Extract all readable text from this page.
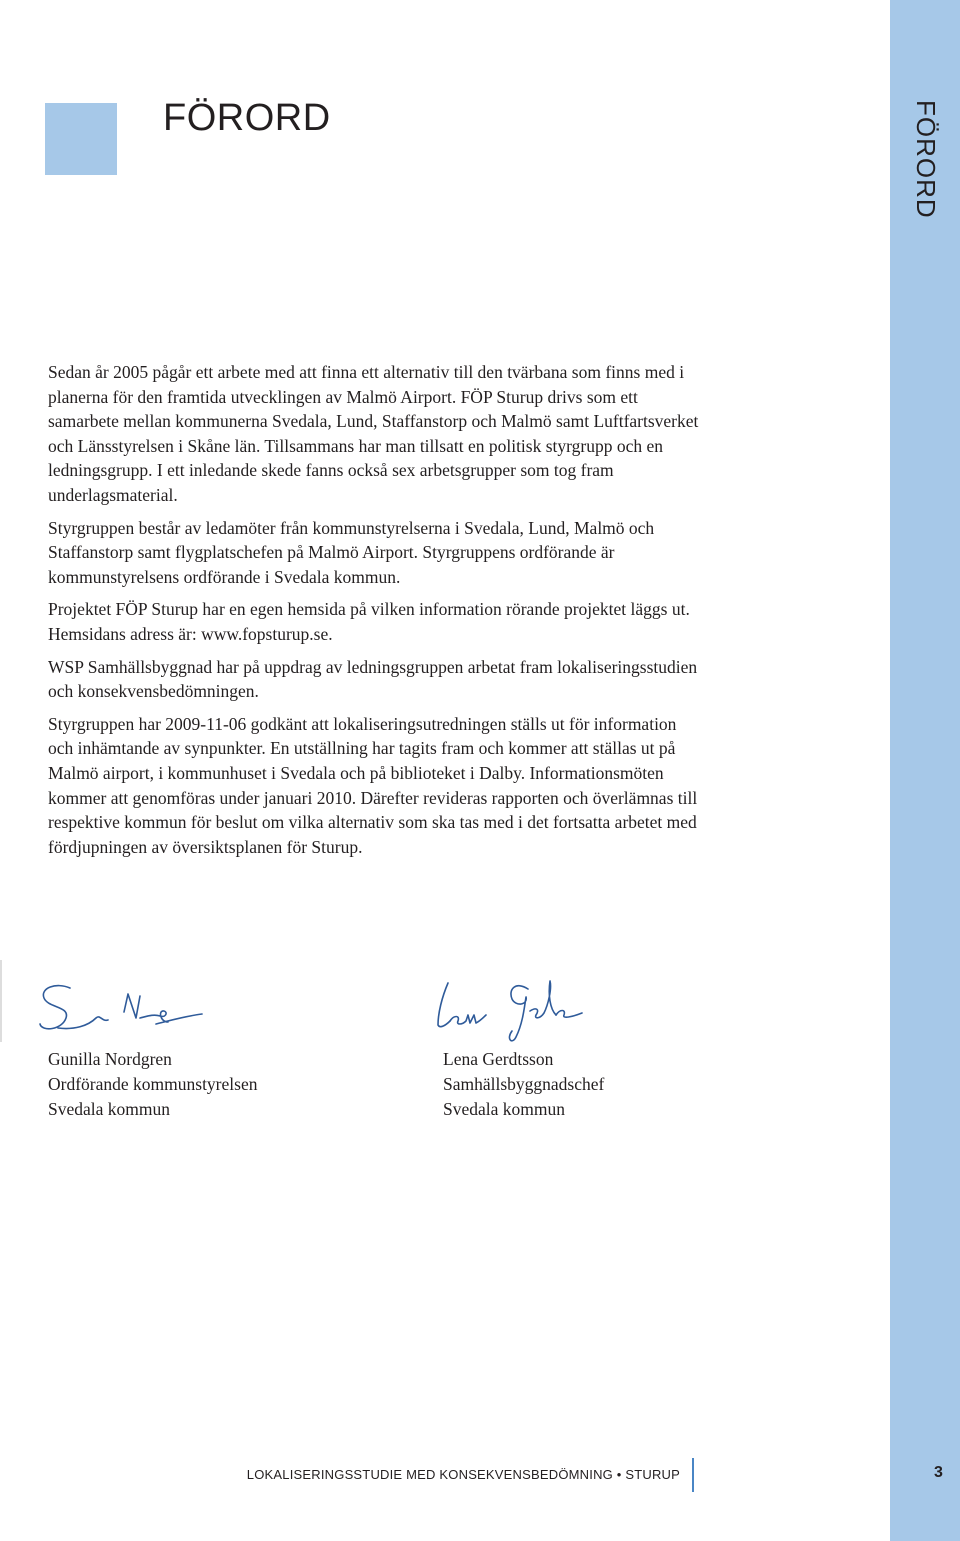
FÖRORD
FÖRORD

Sedan år 2005 pågår ett arbete med att finna ett alternativ till den tvärbana som finns med i planerna för den framtida utvecklingen av Malmö Airport. FÖP Sturup drivs som ett samarbete mellan kommunerna Svedala, Lund, Staffanstorp och Malmö samt Luftfartsverket och Länsstyrelsen i Skåne län. Tillsammans har man tillsatt en politisk styrgrupp och en ledningsgrupp. I ett inledande skede fanns också sex arbetsgrupper som tog fram underlagsmaterial.

Styrgruppen består av ledamöter från kommunstyrelserna i Svedala, Lund, Malmö och Staffanstorp samt flygplatschefen på Malmö Airport. Styrgruppens ordförande är kommunstyrelsens ordförande i Svedala kommun.

Projektet FÖP Sturup har en egen hemsida på vilken information rörande projektet läggs ut. Hemsidans adress är: www.fopsturup.se.

WSP Samhällsbyggnad har på uppdrag av ledningsgruppen arbetat fram lokaliseringsstudien och konsekvensbedömningen.

Styrgruppen har 2009-11-06 godkänt att lokaliseringsutredningen ställs ut för information och inhämtande av synpunkter. En utställning har tagits fram och kommer att ställas ut på Malmö airport, i kommunhuset i Svedala och på biblioteket i Dalby. Informationsmöten kommer att genomföras under januari 2010. Därefter revideras rapporten och överlämnas till respektive kommun för beslut om vilka alternativ som ska tas med i det fortsatta arbetet med fördjupningen av översiktsplanen för Sturup.

Gunilla Nordgren
Ordförande kommunstyrelsen
Svedala kommun
Lena Gerdtsson
Samhällsbyggnadschef
Svedala kommun
LOKALISERINGSSTUDIE MED KONSEKVENSBEDÖMNING • STURUP	3
